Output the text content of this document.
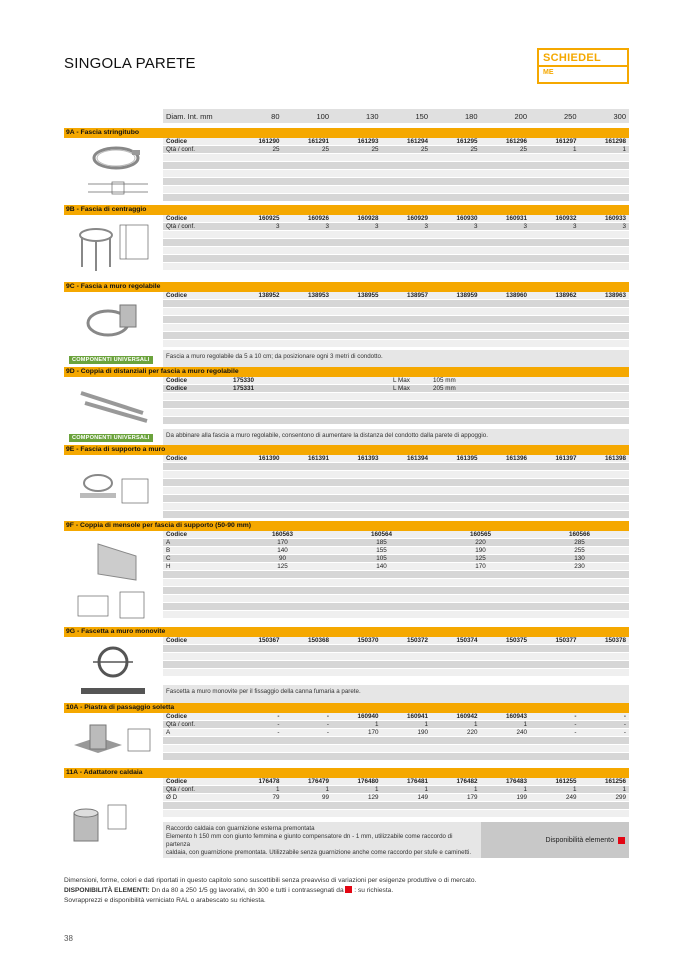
SINGOLA PARETE	SCHIEDEL
ME
Diam. Int. mm	80	100	130	150	180	200	250	300
9A - Fascia stringitubo
Codice	161290	161291	161293	161294	161295	161296	161297	161298
Qtà / conf.	25	25	25	25	25	25	1	1
9B - Fascia di centraggio
Codice	160925	160926	160928	160929	160930	160931	160932	160933
Qtà / conf.	3	3	3	3	3	3	3	3
9C - Fascia a muro regolabile
COMPONENTI UNIVERSALI
Codice	138952	138953	138955	138957	138959	138960	138962	138963
Fascia a muro regolabile da 5 a 10 cm; da posizionare ogni 3 metri di condotto.
9D - Coppia di distanziali per fascia a muro regolabile
COMPONENTI UNIVERSALI
Codice	175330	L Max	105 mm
Codice	175331	L Max	205 mm
Da abbinare alla fascia a muro regolabile, consentono di aumentare la distanza del condotto dalla parete di appoggio.
9E - Fascia di supporto a muro
Codice	161390	161391	161393	161394	161395	161396	161397	161398
9F - Coppia di mensole per fascia di supporto (50-90 mm)
Codice	160563	160564	160565	160566
A	170	185	220	285
B	140	155	190	255
C	90	105	125	130
H	125	140	170	230
9G - Fascetta a muro monovite
Codice	150367	150368	150370	150372	150374	150375	150377	150378
Fascetta a muro monovite per il fissaggio della canna fumaria a parete.
10A - Piastra di passaggio soletta
Codice	-	-	160940	160941	160942	160943	-	-
Qtà / conf.	-	-	1	1	1	1	-	-
A	-	-	170	190	220	240	-	-
11A - Adattatore caldaia
Codice	176478	176479	176480	176481	176482	176483	161255	161256
Qtà / conf.	1	1	1	1	1	1	1	1
Ø D	79	99	129	149	179	199	249	299
Raccordo caldaia con guarnizione esterna premontata
Elemento h 150 mm con giunto femmina e giunto compensatore dn - 1 mm, utilizzabile come raccordo di partenza
caldaia, con guarnizione premontata. Utilizzabile senza guarnizione anche come raccordo per stufe e caminetti.
Disponibilità elemento
Dimensioni, forme, colori e dati riportati in questo capitolo sono suscettibili senza preavviso di variazioni per esigenze produttive o di mercato.
DISPONIBILITÀ ELEMENTI: Dn da 80 a 250 1/5 gg lavorativi, dn 300 e tutti i contrassegnati da  : su richiesta.
Sovrapprezzi e disponibilità verniciato RAL o arabescato su richiesta.
38
